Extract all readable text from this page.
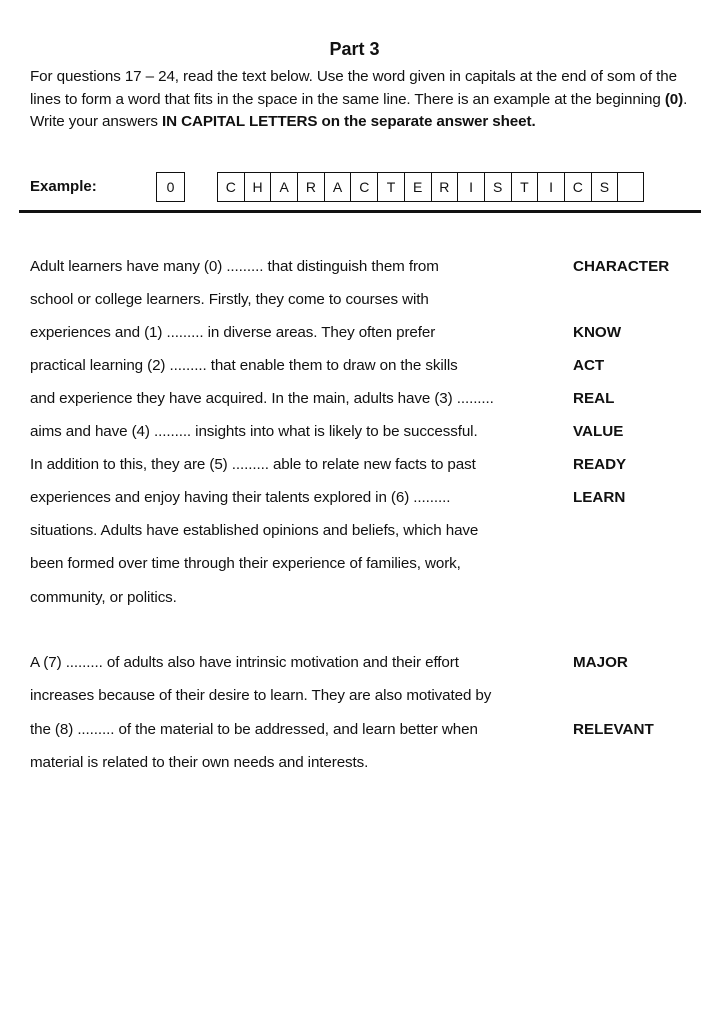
Part 3
For questions 17 – 24, read the text below. Use the word given in capitals at the end of som of the lines to form a word that fits in the space in the same line. There is an example at the beginning (0). Write your answers IN CAPITAL LETTERS on the separate answer sheet.
Example:	0	C	H	A	R	A	C	T	E	R	I	S	T	I	C	S
Adult learners have many (0) ......... that distinguish them from	CHARACTER
school or college learners. Firstly, they come to courses with
experiences and (1) ......... in diverse areas. They often prefer	KNOW
practical learning (2) ......... that enable them to draw on the skills	ACT
and experience they have acquired. In the main, adults have (3) .........	REAL
aims and have (4) ......... insights into what is likely to be successful.	VALUE
In addition to this, they are (5) ......... able to relate new facts to past	READY
experiences and enjoy having their talents explored in (6) .........	LEARN
situations. Adults have established opinions and beliefs, which have
been formed over time through their experience of families, work,
community, or politics.
A (7) ......... of adults also have intrinsic motivation and their effort	MAJOR
increases because of their desire to learn. They are also motivated by
the (8) ......... of the material to be addressed, and learn better when	RELEVANT
material is related to their own needs and interests.
